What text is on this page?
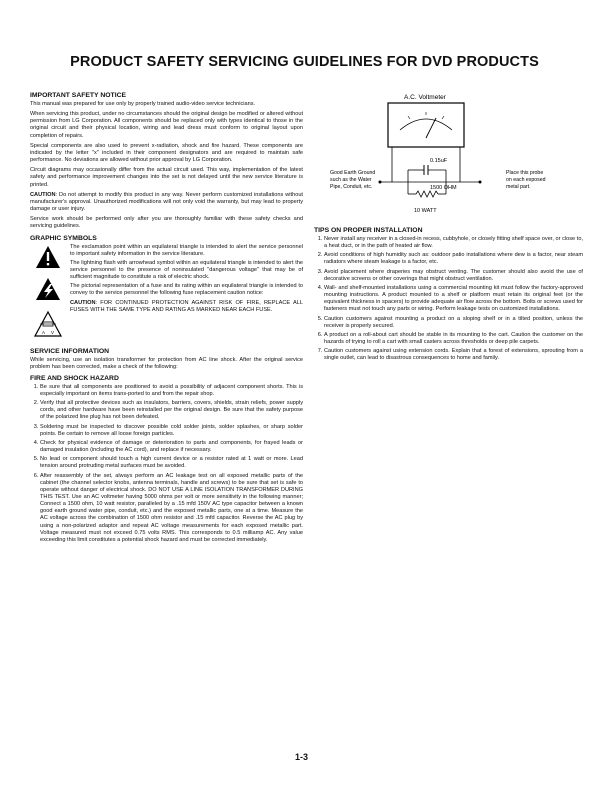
PRODUCT SAFETY SERVICING GUIDELINES FOR DVD PRODUCTS
IMPORTANT SAFETY NOTICE

This manual was prepared for use only by properly trained audio-video service technicians.

When servicing this product, under no circumstances should the original design be modified or altered without permission from LG Corporation. All components should be replaced only with types identical to those in the original circuit and their physical location, wiring and lead dress must conform to original layout upon completion of repairs.

Special components are also used to prevent x-radiation, shock and fire hazard. These components are indicated by the letter "x" included in their component designators and are required to maintain safe performance. No deviations are allowed without prior approval by LG Corporation.

Circuit diagrams may occasionally differ from the actual circuit used. This way, implementation of the latest safety and performance improvement changes into the set is not delayed until the new service literature is printed.

CAUTION: Do not attempt to modify this product in any way. Never perform customized installations without manufacturer's approval. Unauthorized modifications will not only void the warranty, but may lead to property damage or user injury.

Service work should be performed only after you are thoroughly familiar with these safety checks and servicing guidelines.

GRAPHIC SYMBOLS
A V

The exclamation point within an equilateral triangle is intended to alert the service personnel to important safety information in the service literature.

The lightning flash with arrowhead symbol within an equilateral triangle is intended to alert the service personnel to the presence of noninsulated "dangerous voltage" that may be of sufficient magnitude to constitute a risk of electric shock.

The pictorial representation of a fuse and its rating within an equilateral triangle is intended to convey to the service personnel the following fuse replacement caution notice:

CAUTION: FOR CONTINUED PROTECTION AGAINST RISK OF FIRE, REPLACE ALL FUSES WITH THE SAME TYPE AND RATING AS MARKED NEAR EACH FUSE.

SERVICE INFORMATION

While servicing, use an isolation transformer for protection from AC line shock. After the original service problem has been corrected, make a check of the following:

FIRE AND SHOCK HAZARD
1. Be sure that all components are positioned to avoid a possibility of adjacent component shorts. This is especially important on items trans-ported to and from the repair shop.
2. Verify that all protective devices such as insulators, barriers, covers, shields, strain reliefs, power supply cords, and other hardware have been reinstalled per the original design. Be sure that the safety purpose of the polarized line plug has not been defeated.
3. Soldering must be inspected to discover possible cold solder joints, solder splashes, or sharp solder points. Be certain to remove all loose foreign particles.
4. Check for physical evidence of damage or deterioration to parts and components, for frayed leads or damaged insulation (including the AC cord), and replace if necessary.
5. No lead or component should touch a high current device or a resistor rated at 1 watt or more. Lead tension around protruding metal surfaces must be avoided.
6. After reassembly of the set, always perform an AC leakage test on all exposed metallic parts of the cabinet (the channel selector knobs, antenna terminals, handle and screws) to be sure that set is safe to operate without danger of electrical shock. DO NOT USE A LINE ISOLATION TRANSFORMER DURING THIS TEST. Use an AC voltmeter having 5000 ohms per volt or more sensitivity in the following manner; Connect a 1500 ohm, 10 watt resistor, paralleled by a .15 mfd 150V AC type capacitor between a known good earth ground water pipe, conduit, etc.) and the exposed metallic parts, one at a time. Measure the AC voltage across the combination of 1500 ohm resistor and .15 mfd capacitor. Reverse the AC plug by using a non-polarized adaptor and repeat AC voltage measurements for each exposed metallic part. Voltage measured must not exceed 0.75 volts RMS. This corresponds to 0.5 milliamp AC. Any value exceeding this limit constitutes a potential shock hazard and must be corrected immediately.
A.C. Voltmeter
0.15uF
1500 OHM
10 WATT
Good Earth Ground
such as the Water
Pipe, Conduit, etc.
Place this probe
on each exposed
metal part.
TIPS ON PROPER INSTALLATION
1. Never install any receiver in a closed-in recess, cubbyhole, or closely fitting shelf space over, or close to, a heat duct, or in the path of heated air flow.
2. Avoid conditions of high humidity such as: outdoor patio installations where dew is a factor, near steam radiators where steam leakage is a factor, etc.
3. Avoid placement where draperies may obstruct venting. The customer should also avoid the use of decorative screens or other coverings that might obstruct ventilation.
4. Wall- and shelf-mounted installations using a commercial mounting kit must follow the factory-approved mounting instructions. A product mounted to a shelf or platform must retain its original feet (or the equivalent thickness in spacers) to provide adequate air flow across the bottom. Bolts or screws used for fasteners must not touch any parts or wiring. Perform leakage tests on customized installations.
5. Caution customers against mounting a product on a sloping shelf or in a tilted position, unless the receiver is properly secured.
6. A product on a roll-about cart should be stable in its mounting to the cart. Caution the customer on the hazards of trying to roll a cart with small casters across thresholds or deep pile carpets.
7. Caution customers against using extension cords. Explain that a forest of extensions, sprouting from a single outlet, can lead to disastrous consequences to home and family.
1-3
